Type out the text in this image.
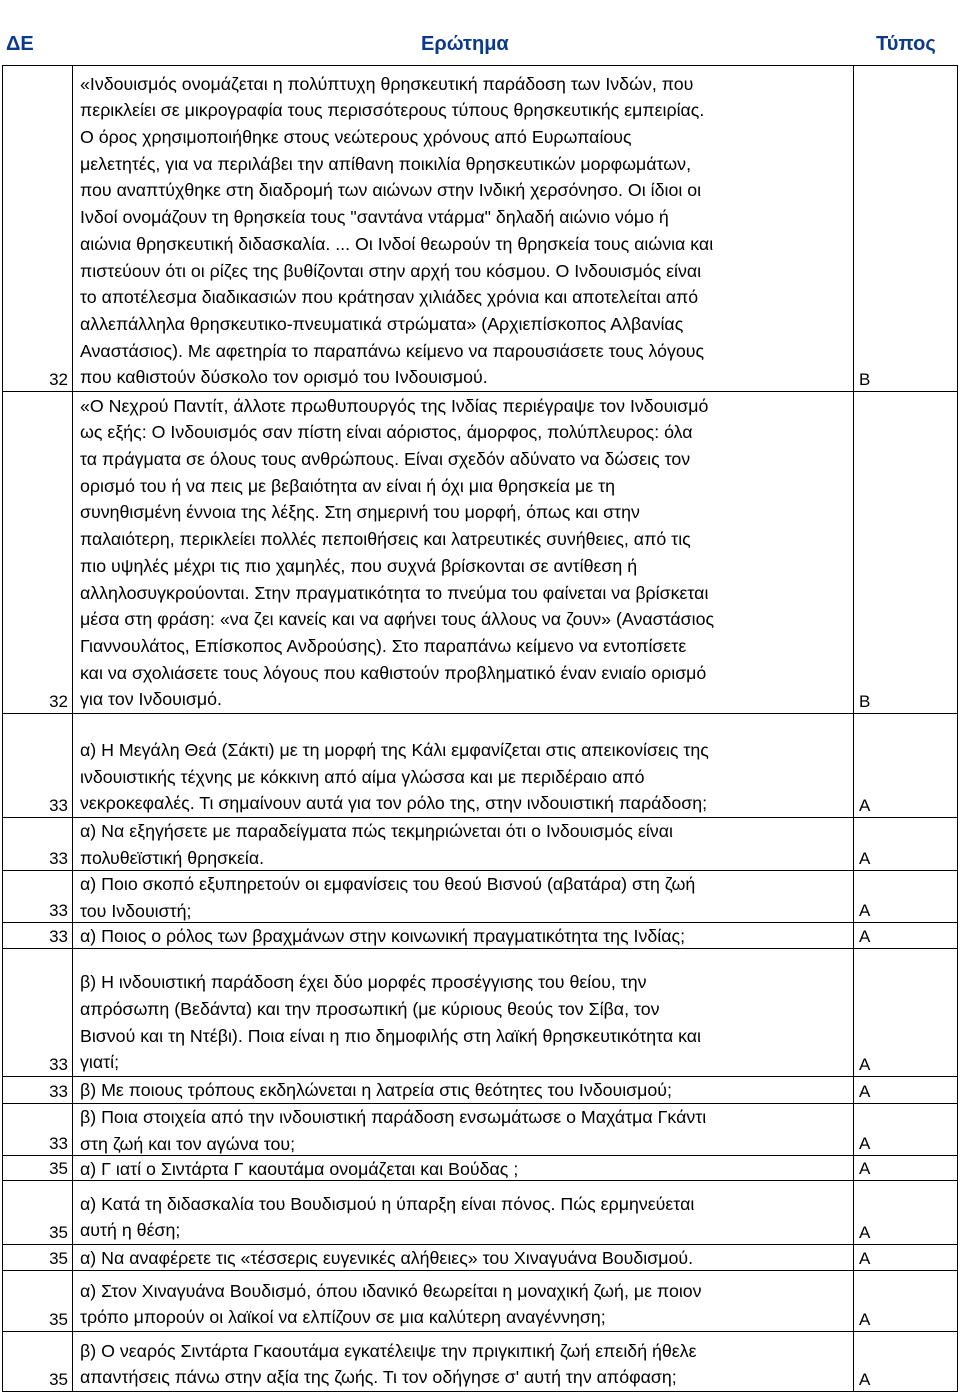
ΔΕ	Ερώτημα	Τύπος
32
«Ινδουισμός ονομάζεται η πολύπτυχη θρησκευτική παράδοση των Ινδών, που
περικλείει σε μικρογραφία τους περισσότερους τύπους θρησκευτικής εμπειρίας.
Ο όρος χρησιμοποιήθηκε στους νεώτερους χρόνους από Ευρωπαίους
μελετητές, για να περιλάβει την απίθανη ποικιλία θρησκευτικών μορφωμάτων,
που αναπτύχθηκε στη διαδρομή των αιώνων στην Ινδική χερσόνησο. Οι ίδιοι οι
Ινδοί ονομάζουν τη θρησκεία τους "σαντάνα ντάρμα" δηλαδή αιώνιο νόμο ή
αιώνια θρησκευτική διδασκαλία. ... Οι Ινδοί θεωρούν τη θρησκεία τους αιώνια και
πιστεύουν ότι οι ρίζες της βυθίζονται στην αρχή του κόσμου. Ο Ινδουισμός είναι
το αποτέλεσμα διαδικασιών που κράτησαν χιλιάδες χρόνια και αποτελείται από
αλλεπάλληλα θρησκευτικο-πνευματικά στρώματα» (Αρχιεπίσκοπος Αλβανίας
Αναστάσιος). Με αφετηρία το παραπάνω κείμενο να παρουσιάσετε τους λόγους
που καθιστούν δύσκολο τον ορισμό του Ινδουισμού.	Β
32
«Ο Νεχρού Παντίτ, άλλοτε πρωθυπουργός της Ινδίας περιέγραψε τον Ινδουισμό
ως εξής: Ο Ινδουισμός σαν πίστη είναι αόριστος, άμορφος, πολύπλευρος: όλα
τα πράγματα σε όλους τους ανθρώπους. Είναι σχεδόν αδύνατο να δώσεις τον
ορισμό του ή να πεις με βεβαιότητα αν είναι ή όχι μια θρησκεία με τη
συνηθισμένη έννοια της λέξης. Στη σημερινή του μορφή, όπως και στην
παλαιότερη, περικλείει πολλές πεποιθήσεις και λατρευτικές συνήθειες, από τις
πιο υψηλές μέχρι τις πιο χαμηλές, που συχνά βρίσκονται σε αντίθεση ή
αλληλοσυγκρούονται. Στην πραγματικότητα το πνεύμα του φαίνεται να βρίσκεται
μέσα στη φράση: «να ζει κανείς και να αφήνει τους άλλους να ζουν» (Αναστάσιος
Γιαννουλάτος, Επίσκοπος Ανδρούσης). Στο παραπάνω κείμενο να εντοπίσετε
και να σχολιάσετε τους λόγους που καθιστούν προβληματικό έναν ενιαίο ορισμό
για τον Ινδουισμό.	Β
33
α) Η Μεγάλη Θεά (Σάκτι) με τη μορφή της Κάλι εμφανίζεται στις απεικονίσεις της
ινδουιστικής τέχνης με κόκκινη από αίμα γλώσσα και με περιδέραιο από
νεκροκεφαλές. Τι σημαίνουν αυτά για τον ρόλο της, στην ινδουιστική παράδοση;	Α
33
α) Να εξηγήσετε με παραδείγματα πώς τεκμηριώνεται ότι ο Ινδουισμός είναι
πολυθεϊστική θρησκεία.	Α
33
α) Ποιο σκοπό εξυπηρετούν οι εμφανίσεις του θεού Βισνού (αβατάρα) στη ζωή
του Ινδουιστή;	Α
33 α) Ποιος ο ρόλος των βραχμάνων στην κοινωνική πραγματικότητα της Ινδίας;	Α
33
β) Η ινδουιστική παράδοση έχει δύο μορφές προσέγγισης του θείου, την
απρόσωπη (Βεδάντα) και την προσωπική (με κύριους θεούς τον Σίβα, τον
Βισνού και τη Ντέβι). Ποια είναι η πιο δημοφιλής στη λαϊκή θρησκευτικότητα και
γιατί;	Α
33 β) Με ποιους τρόπους εκδηλώνεται η λατρεία στις θεότητες του Ινδουισμού;	Α
33
β) Ποια στοιχεία από την ινδουιστική παράδοση ενσωμάτωσε ο Μαχάτμα Γκάντι
στη ζωή και τον αγώνα του;	Α
35 α) Γ ιατί ο Σιντάρτα Γ καουτάμα ονομάζεται και Βούδας ;	Α
35
α) Κατά τη διδασκαλία του Βουδισμού η ύπαρξη είναι πόνος. Πώς ερμηνεύεται
αυτή η θέση;	Α
35 α) Να αναφέρετε τις «τέσσερις ευγενικές αλήθειες» του Χιναγυάνα Βουδισμού.	Α
35
α) Στον Χιναγυάνα Βουδισμό, όπου ιδανικό θεωρείται η μοναχική ζωή, με ποιον
τρόπο μπορούν οι λαϊκοί να ελπίζουν σε μια καλύτερη αναγέννηση;	Α
35
β) Ο νεαρός Σιντάρτα Γκαουτάμα εγκατέλειψε την πριγκιπική ζωή επειδή ήθελε
απαντήσεις πάνω στην αξία της ζωής. Τι τον οδήγησε σ' αυτή την απόφαση;	Α
